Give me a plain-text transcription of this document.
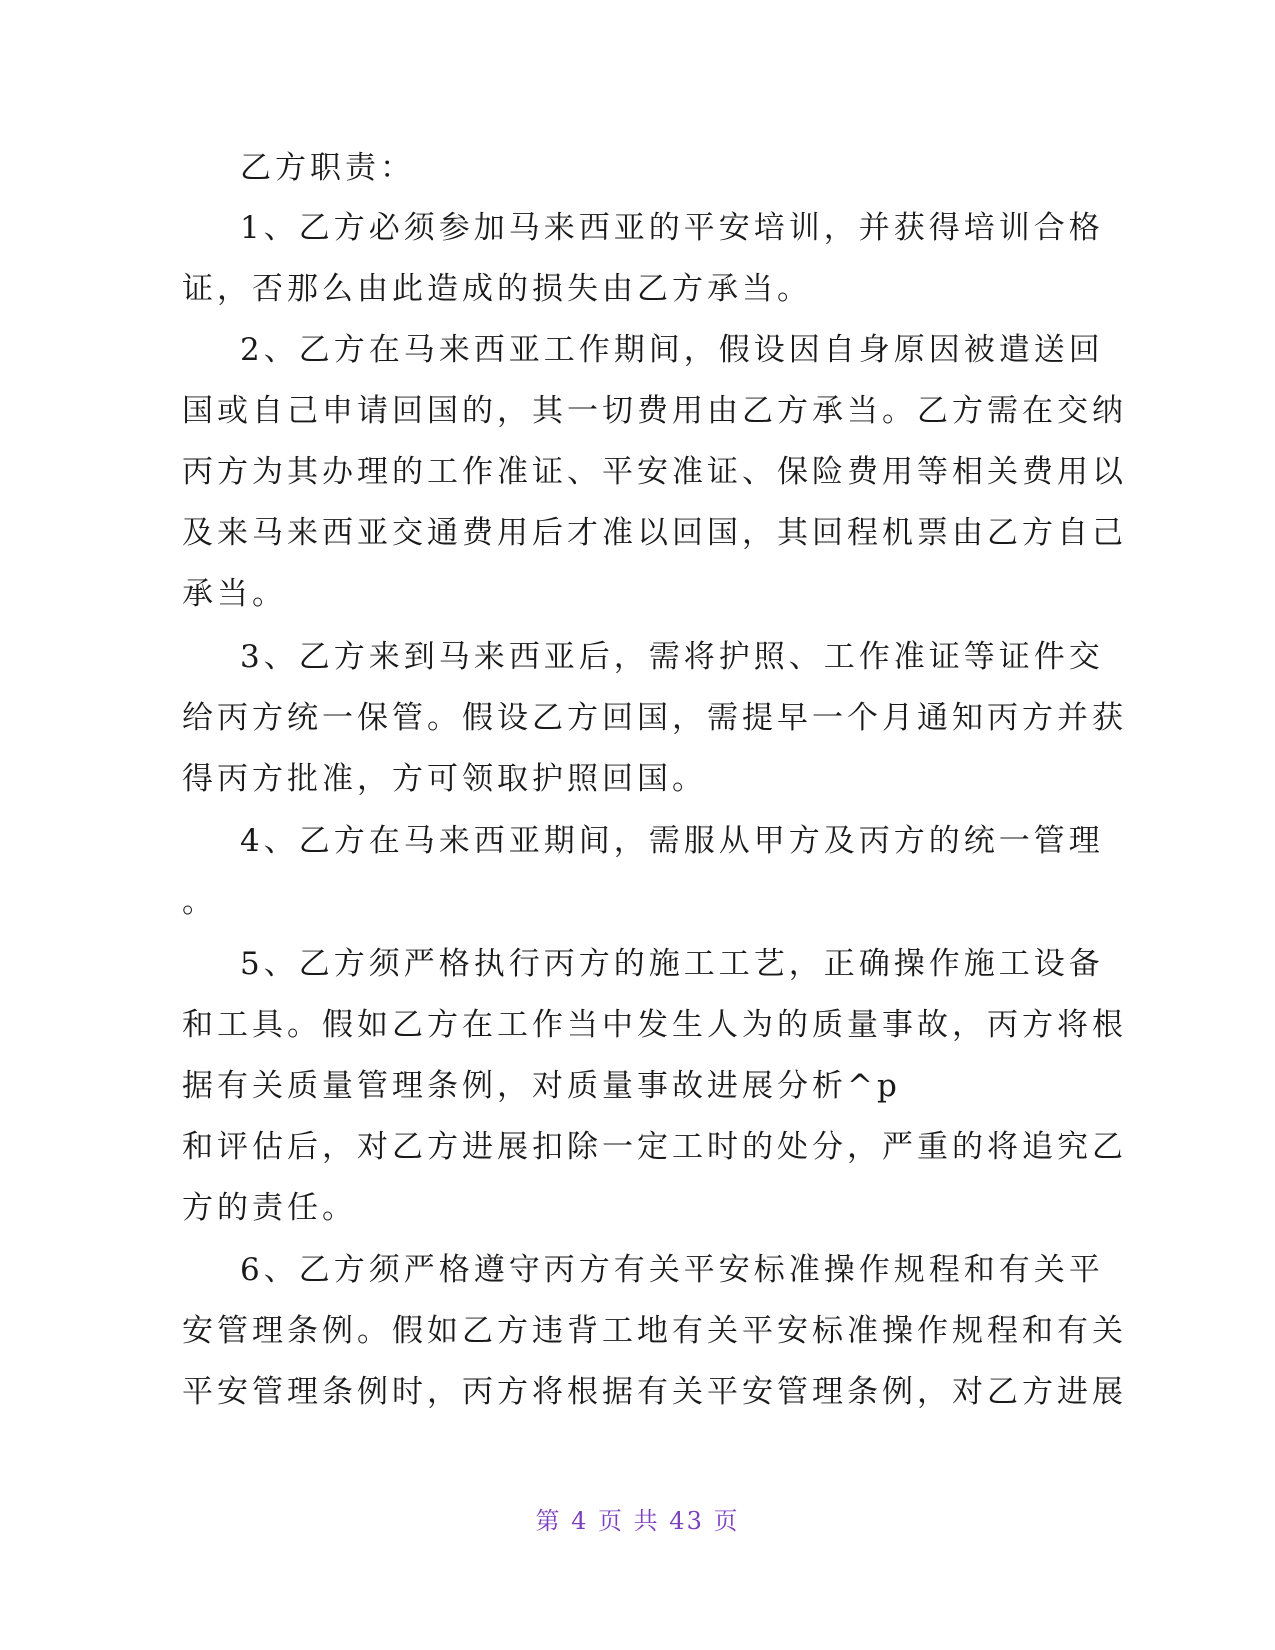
乙方职责：
1、乙方必须参加马来西亚的平安培训，并获得培训合格
证，否那么由此造成的损失由乙方承当。
2、乙方在马来西亚工作期间，假设因自身原因被遣送回
国或自己申请回国的，其一切费用由乙方承当。乙方需在交纳
丙方为其办理的工作准证、平安准证、保险费用等相关费用以
及来马来西亚交通费用后才准以回国，其回程机票由乙方自己
承当。
3、乙方来到马来西亚后，需将护照、工作准证等证件交
给丙方统一保管。假设乙方回国，需提早一个月通知丙方并获
得丙方批准，方可领取护照回国。
4、乙方在马来西亚期间，需服从甲方及丙方的统一管理
。
5、乙方须严格执行丙方的施工工艺，正确操作施工设备
和工具。假如乙方在工作当中发生人为的质量事故，丙方将根
据有关质量管理条例，对质量事故进展分析^p
和评估后，对乙方进展扣除一定工时的处分，严重的将追究乙
方的责任。
6、乙方须严格遵守丙方有关平安标准操作规程和有关平
安管理条例。假如乙方违背工地有关平安标准操作规程和有关
平安管理条例时，丙方将根据有关平安管理条例，对乙方进展
第 4 页 共 43 页
